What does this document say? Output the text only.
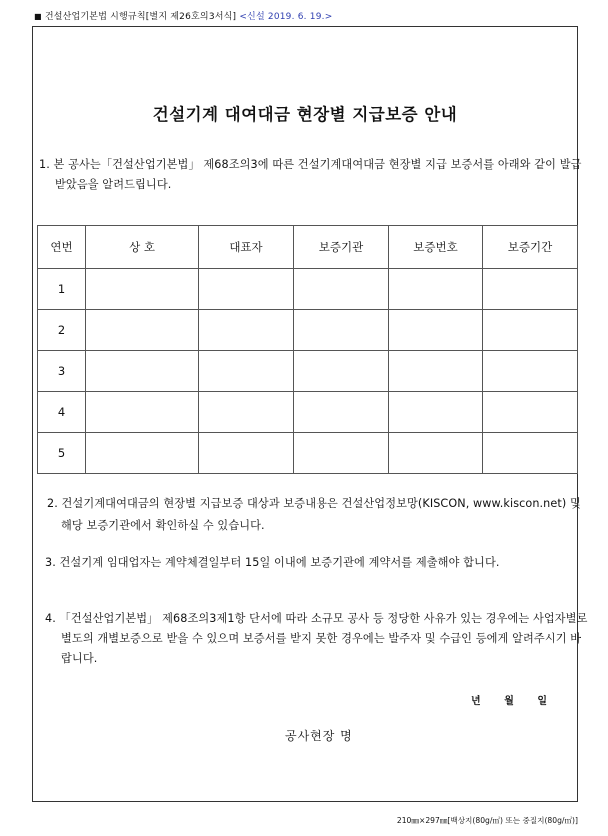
■ 건설산업기본법 시행규칙[별지 제26호의3서식] <신설 2019. 6. 19.>
건설기계 대여대금 현장별 지급보증 안내
1. 본 공사는「건설산업기본법」 제68조의3에 따른 건설기계대여대금 현장별 지급 보증서를 아래와 같이 발급받았음을 알려드립니다.
연번	상 호	대표자	보증기관	보증번호	보증기간
1					
2					
3					
4					
5					
2. 건설기계대여대금의 현장별 지급보증 대상과 보증내용은 건설산업정보망(KISCON, www.kiscon.net) 및 해당 보증기관에서 확인하실 수 있습니다.
3. 건설기계 임대업자는 계약체결일부터 15일 이내에 보증기관에 계약서를 제출해야 합니다.
4. 「건설산업기본법」 제68조의3제1항 단서에 따라 소규모 공사 등 정당한 사유가 있는 경우에는 사업자별로 별도의 개별보증으로 받을 수 있으며 보증서를 받지 못한 경우에는 발주자 및 수급인 등에게 알려주시기 바랍니다.
년 월 일
공사현장 명
210㎜×297㎜[백상지(80g/㎡) 또는 중질지(80g/㎡)]
